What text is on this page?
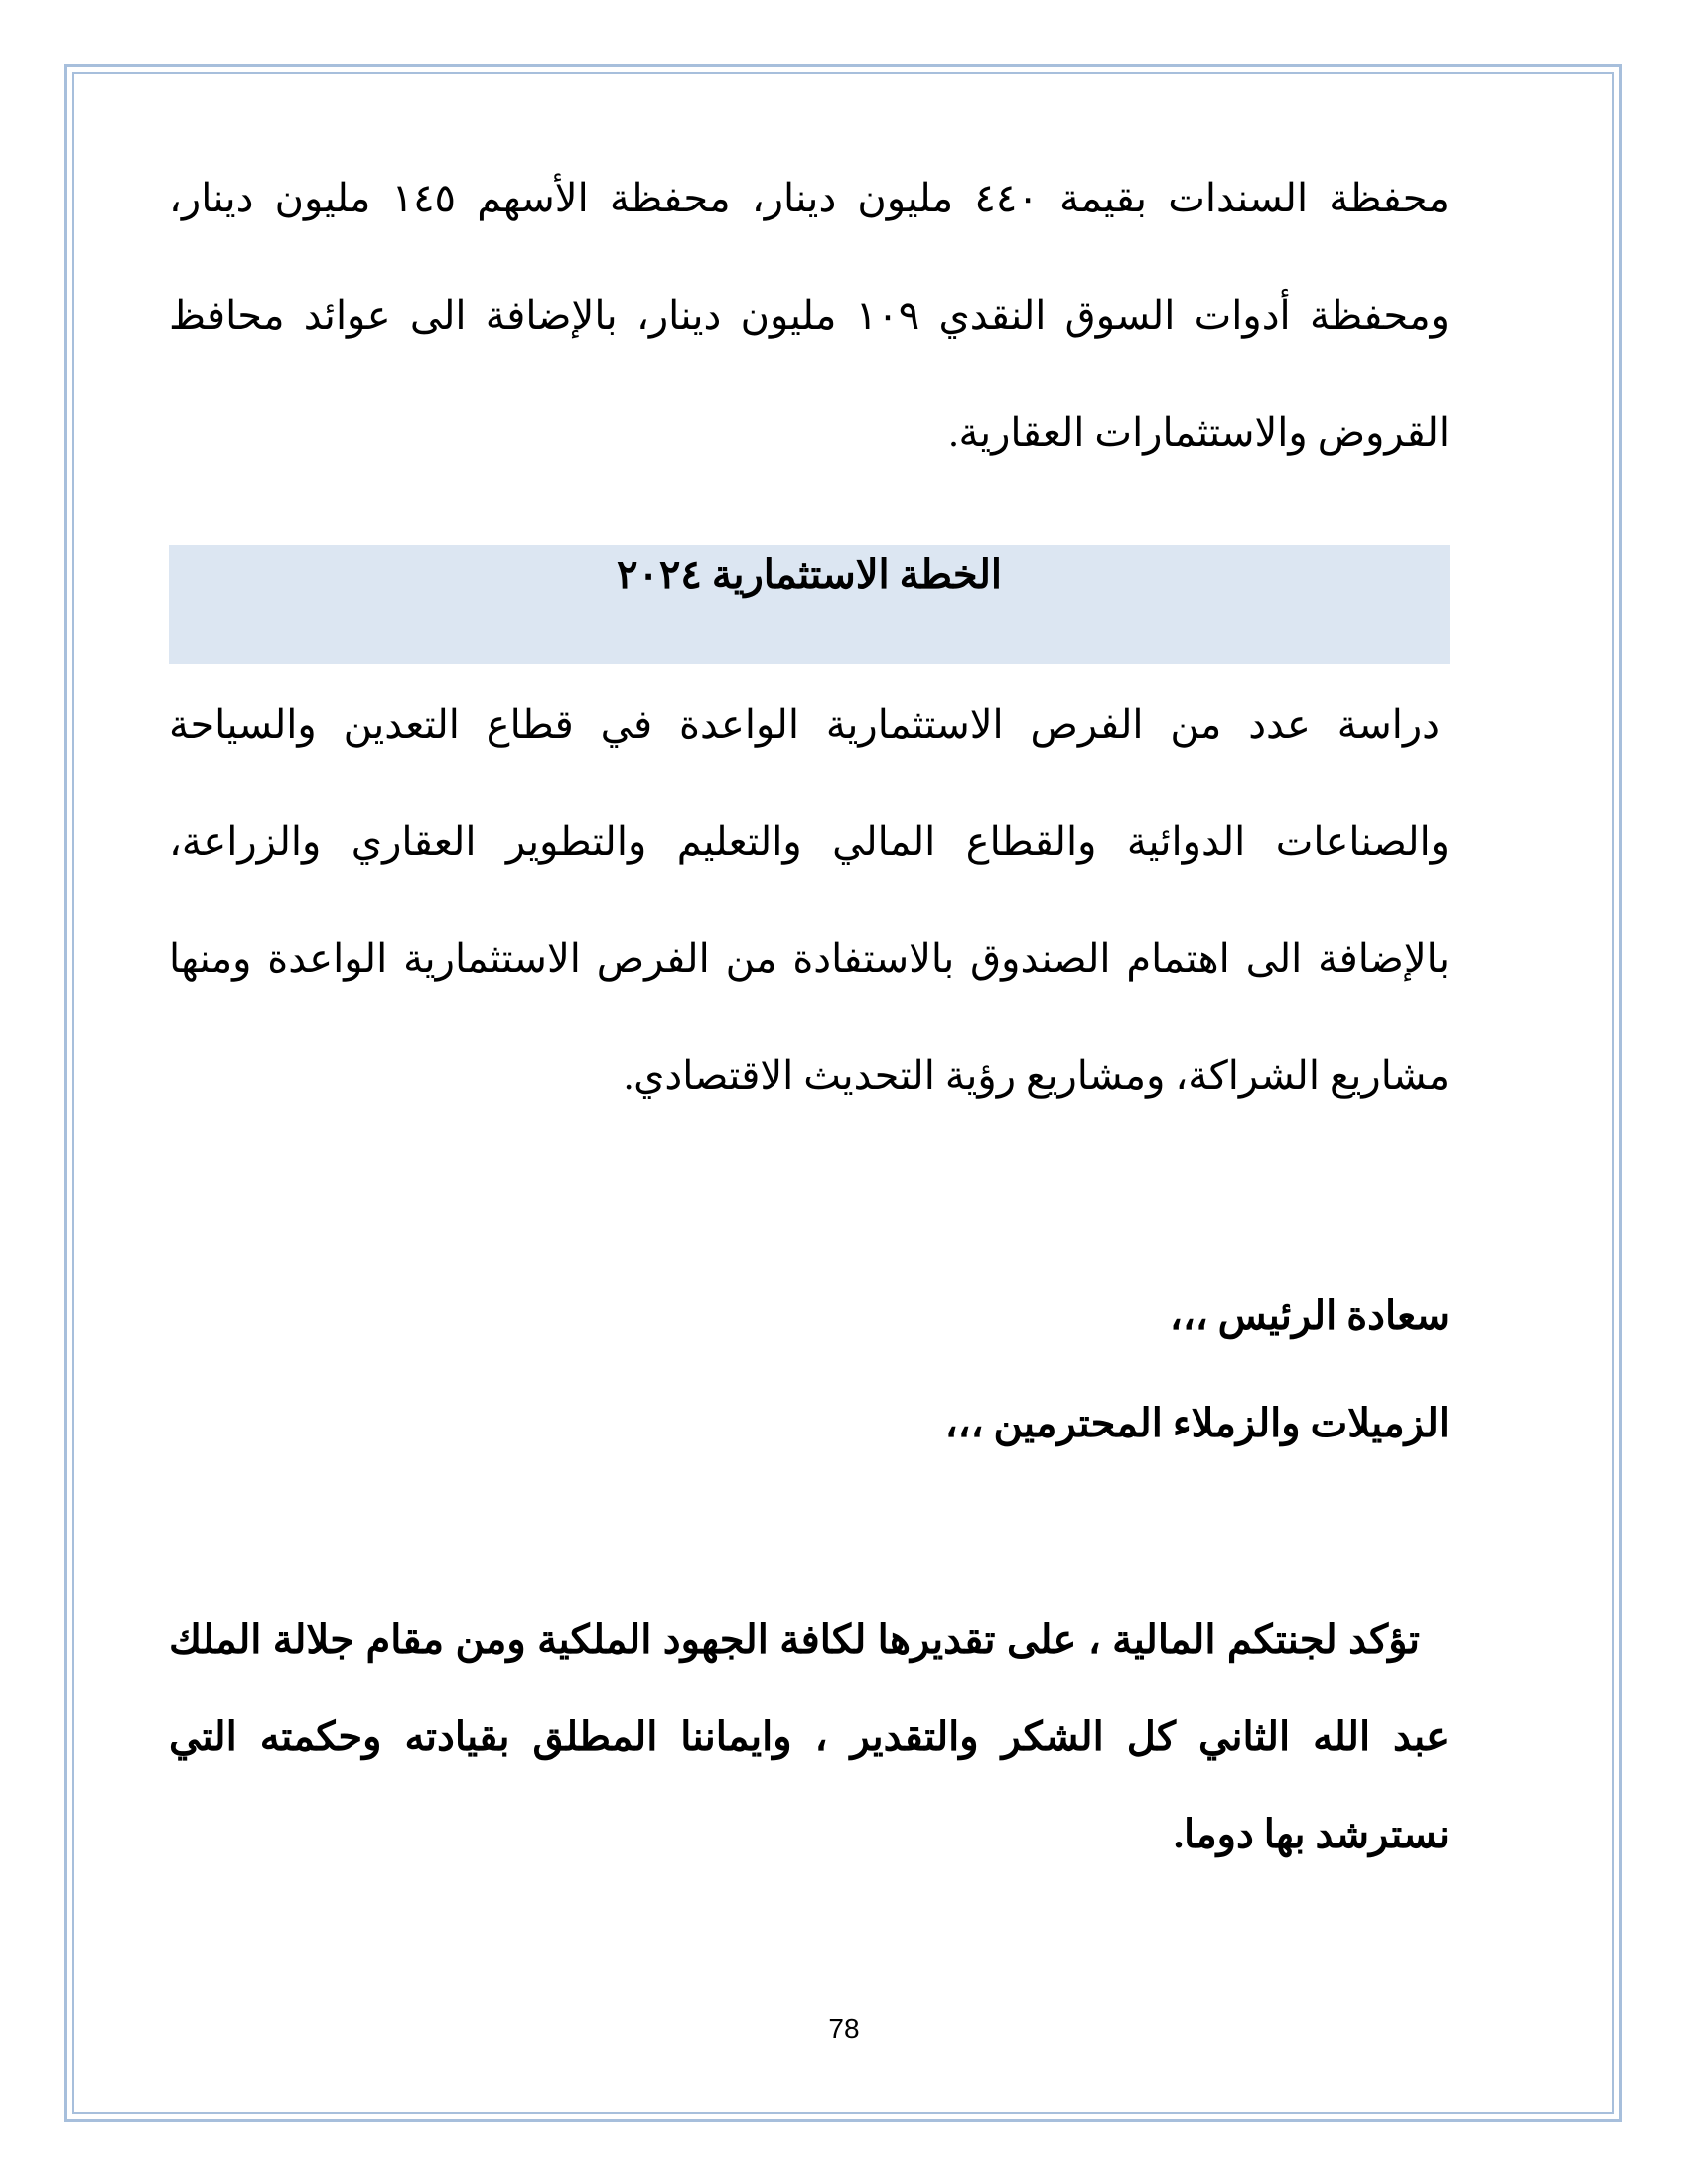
محفظة السندات بقيمة ٤٤٠ مليون دينار، محفظة الأسهم ١٤٥ مليون دينار،
ومحفظة أدوات السوق النقدي ١٠٩ مليون دينار، بالإضافة الى عوائد محافظ
القروض والاستثمارات العقارية.
الخطة الاستثمارية ٢٠٢٤
دراسة عدد من الفرص الاستثمارية الواعدة في قطاع التعدين والسياحة
والصناعات الدوائية والقطاع المالي والتعليم والتطوير العقاري والزراعة،
بالإضافة الى اهتمام الصندوق بالاستفادة من الفرص الاستثمارية الواعدة ومنها
مشاريع الشراكة، ومشاريع رؤية التحديث الاقتصادي.
سعادة الرئيس ،،،
الزميلات والزملاء المحترمين ،،،
تؤكد لجنتكم المالية ، على تقديرها لكافة الجهود الملكية ومن مقام جلالة الملك
عبد الله الثاني كل الشكر والتقدير ، وايماننا المطلق بقيادته وحكمته التي
نسترشد بها دوما.
78
